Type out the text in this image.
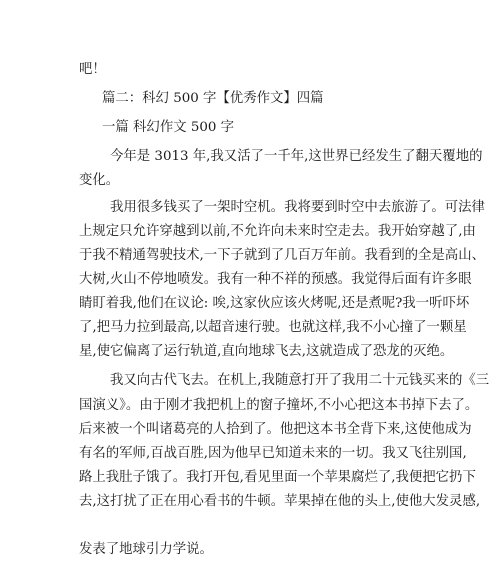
吧！
篇二：科幻 500 字【优秀作文】四篇
一篇 科幻作文 500 字
今年是 3013 年,我又活了一千年,这世界已经发生了翻天覆地的
变化。
我用很多钱买了一架时空机。我将要到时空中去旅游了。可法律
上规定只允许穿越到以前,不允许向未来时空走去。我开始穿越了,由
于我不精通驾驶技术,一下子就到了几百万年前。我看到的全是高山、
大树,火山不停地喷发。我有一种不祥的预感。我觉得后面有许多眼
睛盯着我,他们在议论: 唉,这家伙应该火烤呢,还是煮呢?我一听吓坏
了,把马力拉到最高,以超音速行驶。也就这样,我不小心撞了一颗星
星,使它偏离了运行轨道,直向地球飞去,这就造成了恐龙的灭绝。
我又向古代飞去。在机上,我随意打开了我用二十元钱买来的《三
国演义》。由于刚才我把机上的窗子撞坏,不小心把这本书掉下去了。
后来被一个叫诸葛亮的人拾到了。他把这本书全背下来,这使他成为
有名的军师,百战百胜,因为他早已知道未来的一切。我又飞往别国,
路上我肚子饿了。我打开包,看见里面一个苹果腐烂了,我便把它扔下
去,这打扰了正在用心看书的牛顿。苹果掉在他的头上,使他大发灵感,
发表了地球引力学说。
